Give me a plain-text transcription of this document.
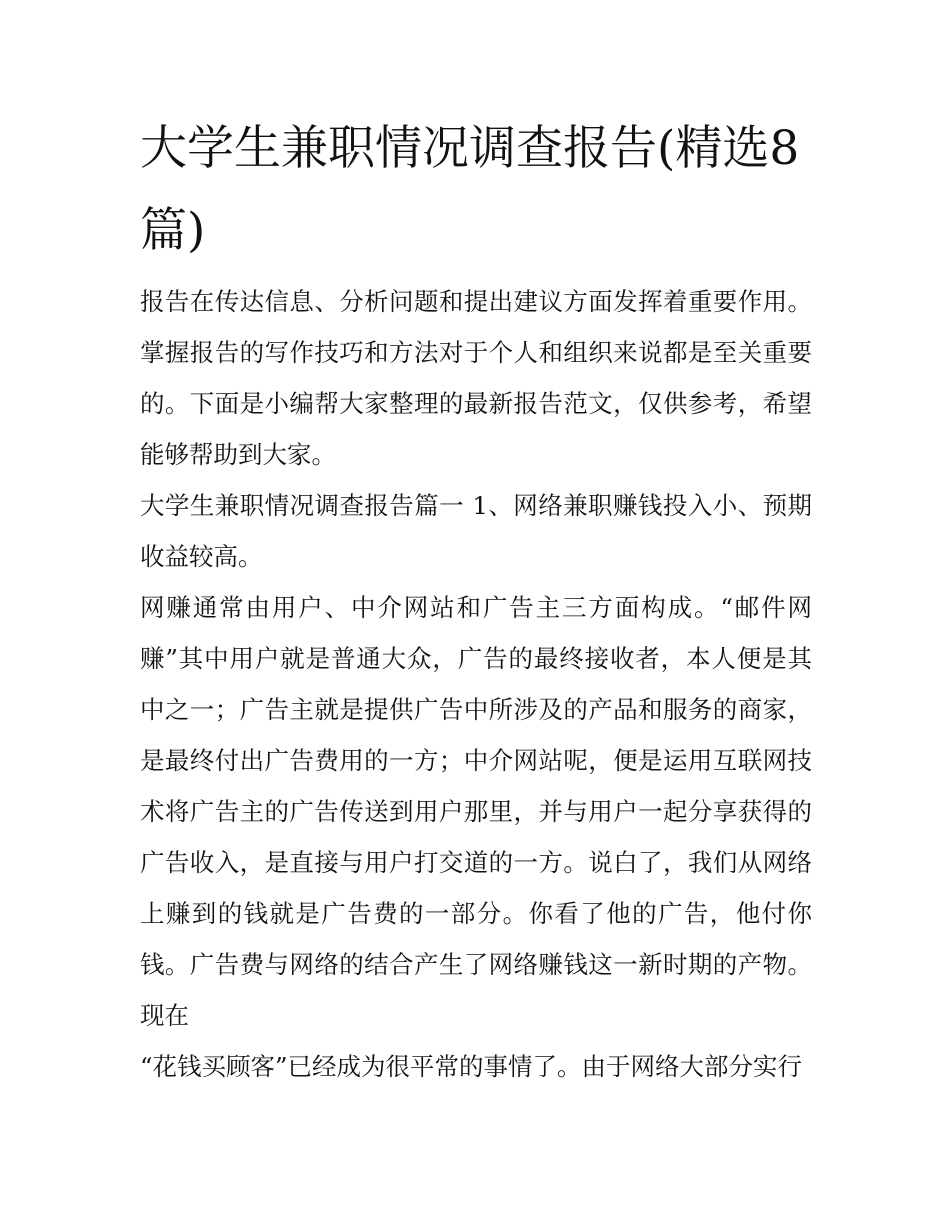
大学生兼职情况调查报告(精选8篇)

报告在传达信息、分析问题和提出建议方面发挥着重要作用。掌握报告的写作技巧和方法对于个人和组织来说都是至关重要的。下面是小编帮大家整理的最新报告范文，仅供参考，希望能够帮助到大家。

大学生兼职情况调查报告篇一 1、网络兼职赚钱投入小、预期收益较高。

网赚通常由用户、中介网站和广告主三方面构成。“邮件网赚”其中用户就是普通大众，广告的最终接收者，本人便是其中之一；广告主就是提供广告中所涉及的产品和服务的商家，是最终付出广告费用的一方；中介网站呢，便是运用互联网技术将广告主的广告传送到用户那里，并与用户一起分享获得的广告收入，是直接与用户打交道的一方。说白了，我们从网络上赚到的钱就是广告费的一部分。你看了他的广告，他付你钱。广告费与网络的结合产生了网络赚钱这一新时期的产物。现在

“花钱买顾客”已经成为很平常的事情了。由于网络大部分实行
